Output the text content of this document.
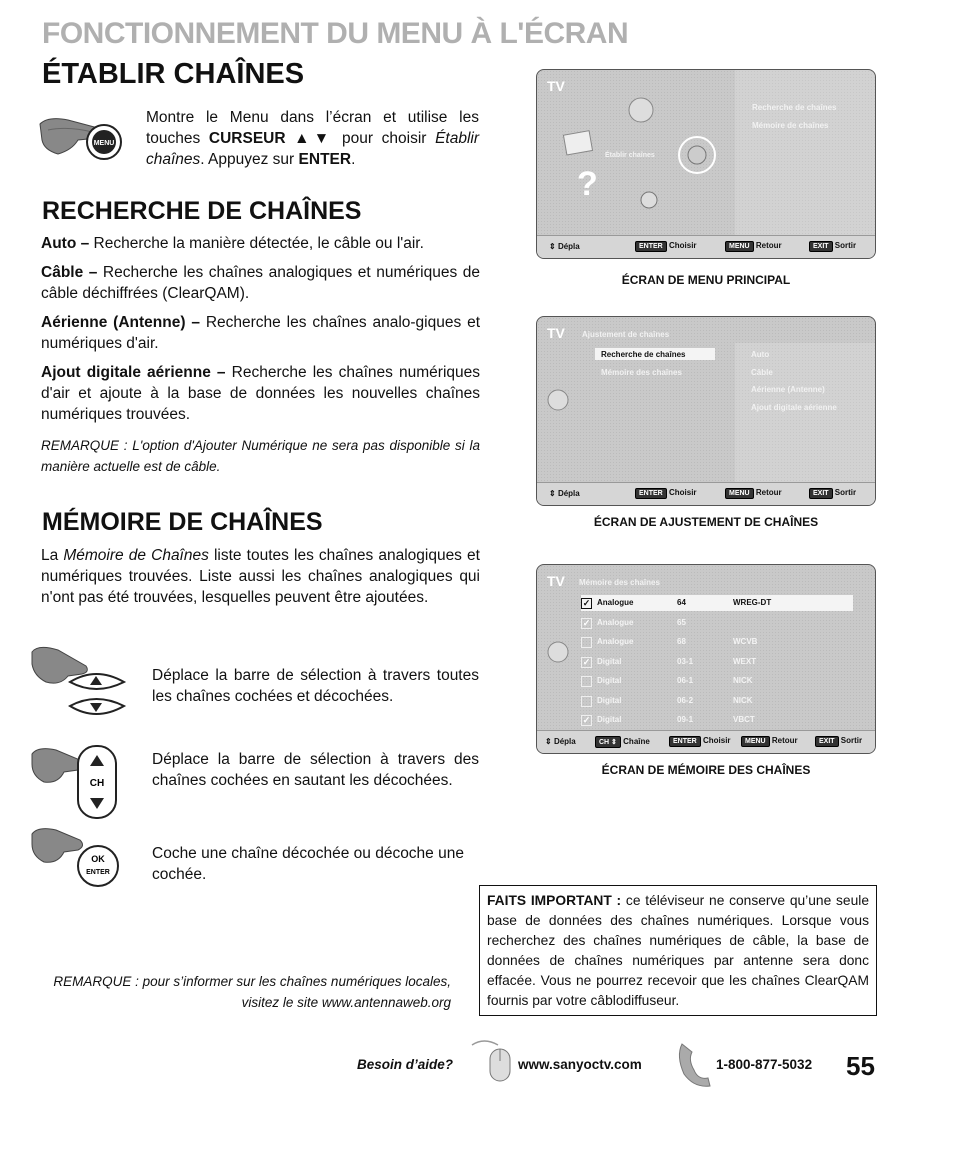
FONCTIONNEMENT DU MENU À L'ÉCRAN
ÉTABLIR CHAÎNES
MENU
Montre le Menu dans l’écran et utilise les touches CURSEUR ▲▼ pour choisir Établir chaînes. Appuyez sur ENTER.
RECHERCHE DE CHAÎNES
Auto – Recherche la manière détectée, le câble ou l'air.
Câble – Recherche les chaînes analogiques et numériques de câble déchiffrées (ClearQAM).
Aérienne (Antenne) – Recherche les chaînes analo-giques et numériques d'air.
Ajout digitale aérienne – Recherche les chaînes numériques d'air et ajoute à la base de données les nouvelles chaînes numériques trouvées.
REMARQUE : L'option d'Ajouter Numérique ne sera pas disponible si la manière actuelle est de câble.
MÉMOIRE DE CHAÎNES
La Mémoire de Chaînes liste toutes les chaînes analogiques et numériques trouvées. Liste aussi les chaînes analogiques qui n'ont pas été trouvées, lesquelles peuvent être ajoutées.
Déplace la barre de sélection à travers toutes les chaînes cochées et décochées.
CH
Déplace la barre de sélection à travers des chaînes cochées en sautant les décochées.
OK
ENTER
Coche une chaîne décochée ou décoche une cochée.
REMARQUE : pour s’informer sur les chaînes numériques locales, visitez le site www.antennaweb.org
TV
Recherche de chaînes
Mémoire de chaînes
?
Établir chaînes
⇕ Dépla	ENTER Choisir	MENU Retour	EXIT Sortir
ÉCRAN DE MENU PRINCIPAL
TV Ajustement de chaînes
Recherche de chaînes
Mémoire des chaînes
Auto
Câble
Aérienne (Antenne)
Ajout digitale aérienne
⇕ Dépla	ENTER Choisir	MENU Retour	EXIT Sortir
ÉCRAN DE AJUSTEMENT DE CHAÎNES
TV Mémoire des chaînes
✓ Analogue	64	WREG-DT
✓ Analogue	65
Analogue	68	WCVB
✓ Digital	03-1	WEXT
Digital	06-1	NICK
Digital	06-2	NICK
✓ Digital	09-1	VBCT
⇕ Dépla	CH ⇕ Chaîne	ENTER Choisir	MENU Retour	EXIT Sortir
ÉCRAN DE MÉMOIRE DES CHAÎNES
FAITS IMPORTANT : ce téléviseur ne conserve qu’une seule base de données des chaînes numériques. Lorsque vous recherchez des chaînes numériques de câble, la base de données de chaînes numériques par antenne sera donc effacée. Vous ne pourrez recevoir que les chaînes ClearQAM fournis par votre câblodiffuseur.
Besoin d’aide?	www.sanyoctv.com	1-800-877-5032 55
